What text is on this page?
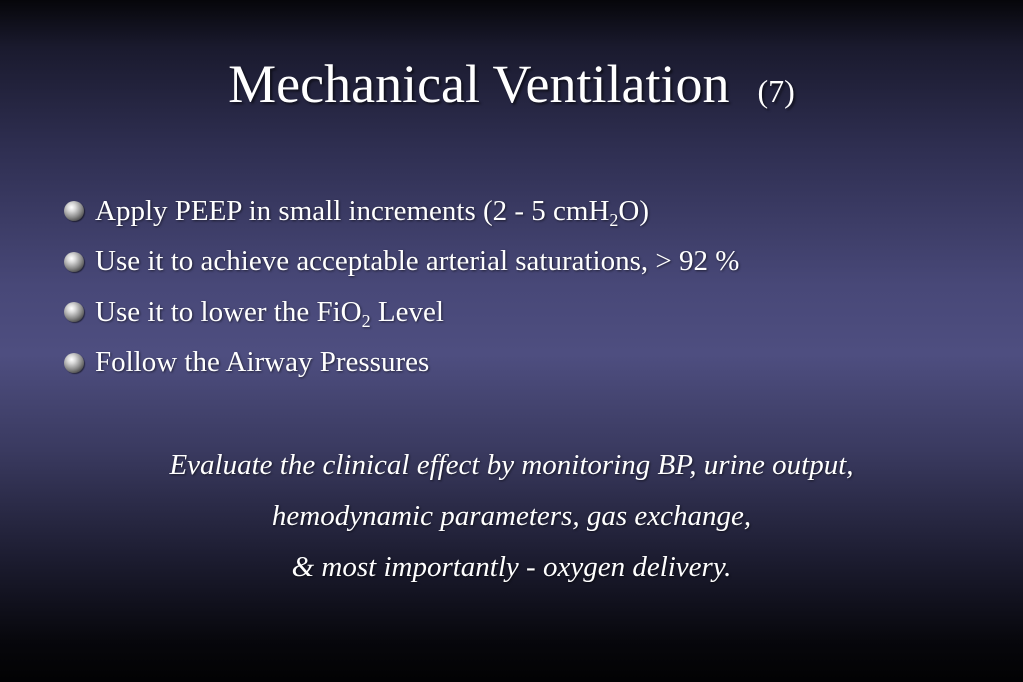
Mechanical Ventilation (7)
Apply PEEP in small increments (2 - 5 cmH$_2$O)
Use it to achieve acceptable arterial saturations, > 92 %
Use it to lower the FiO$_2$ Level
Follow the Airway Pressures
Evaluate the clinical effect by monitoring BP, urine output,
hemodynamic parameters, gas exchange,
& most importantly - oxygen delivery.
